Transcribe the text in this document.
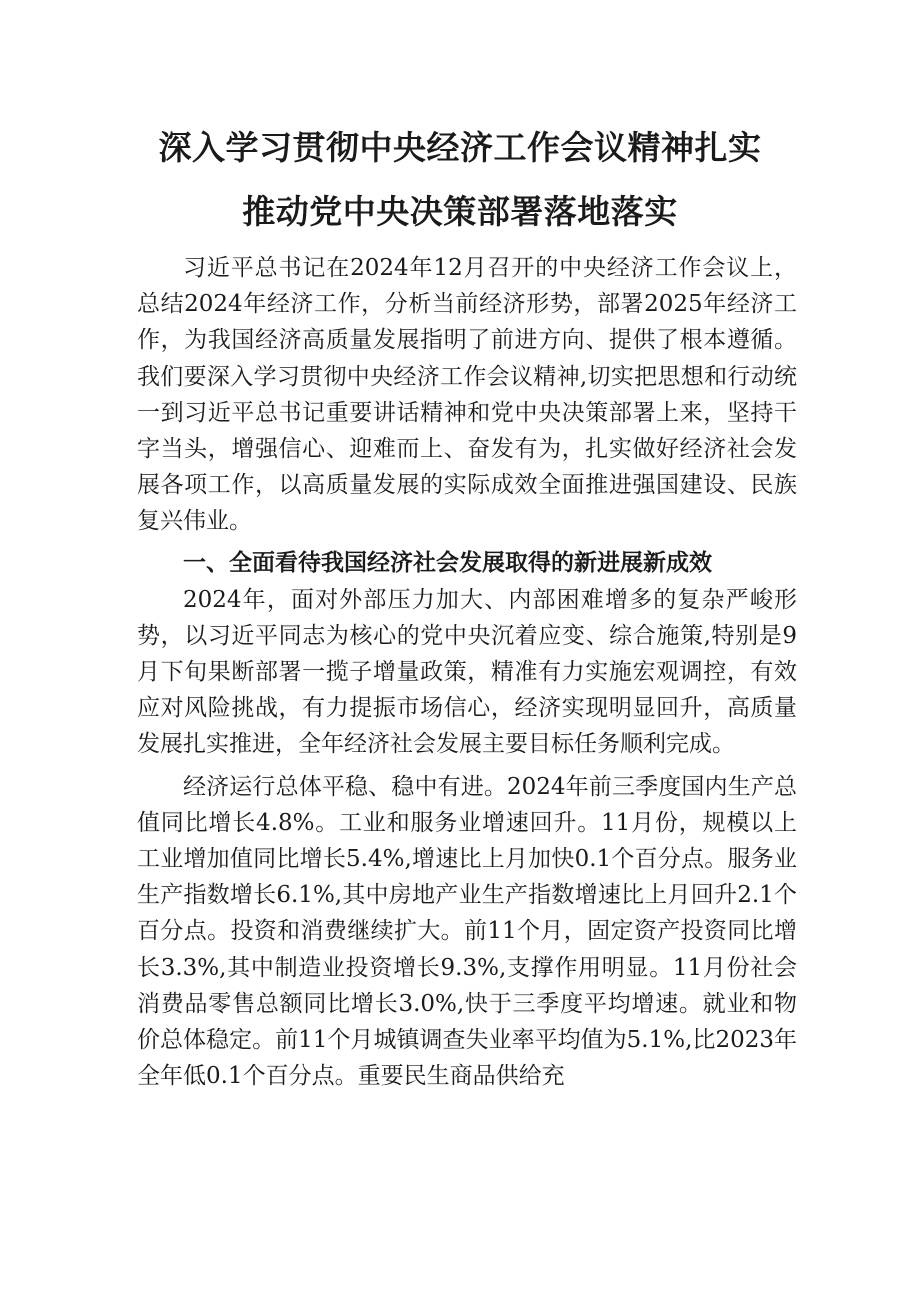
深入学习贯彻中央经济工作会议精神扎实
推动党中央决策部署落地落实

习近平总书记在2024年12月召开的中央经济工作会议上，总结2024年经济工作，分析当前经济形势，部署2025年经济工作，为我国经济高质量发展指明了前进方向、提供了根本遵循。我们要深入学习贯彻中央经济工作会议精神,切实把思想和行动统一到习近平总书记重要讲话精神和党中央决策部署上来，坚持干字当头，增强信心、迎难而上、奋发有为，扎实做好经济社会发展各项工作，以高质量发展的实际成效全面推进强国建设、民族复兴伟业。

一、全面看待我国经济社会发展取得的新进展新成效

2024年，面对外部压力加大、内部困难增多的复杂严峻形势，以习近平同志为核心的党中央沉着应变、综合施策,特别是9月下旬果断部署一揽子增量政策，精准有力实施宏观调控，有效应对风险挑战，有力提振市场信心，经济实现明显回升，高质量发展扎实推进，全年经济社会发展主要目标任务顺利完成。

经济运行总体平稳、稳中有进。2024年前三季度国内生产总值同比增长4.8%。工业和服务业增速回升。11月份，规模以上工业增加值同比增长5.4%,增速比上月加快0.1个百分点。服务业生产指数增长6.1%,其中房地产业生产指数增速比上月回升2.1个百分点。投资和消费继续扩大。前11个月，固定资产投资同比增长3.3%,其中制造业投资增长9.3%,支撑作用明显。11月份社会消费品零售总额同比增长3.0%,快于三季度平均增速。就业和物价总体稳定。前11个月城镇调查失业率平均值为5.1%,比2023年全年低0.1个百分点。重要民生商品供给充
